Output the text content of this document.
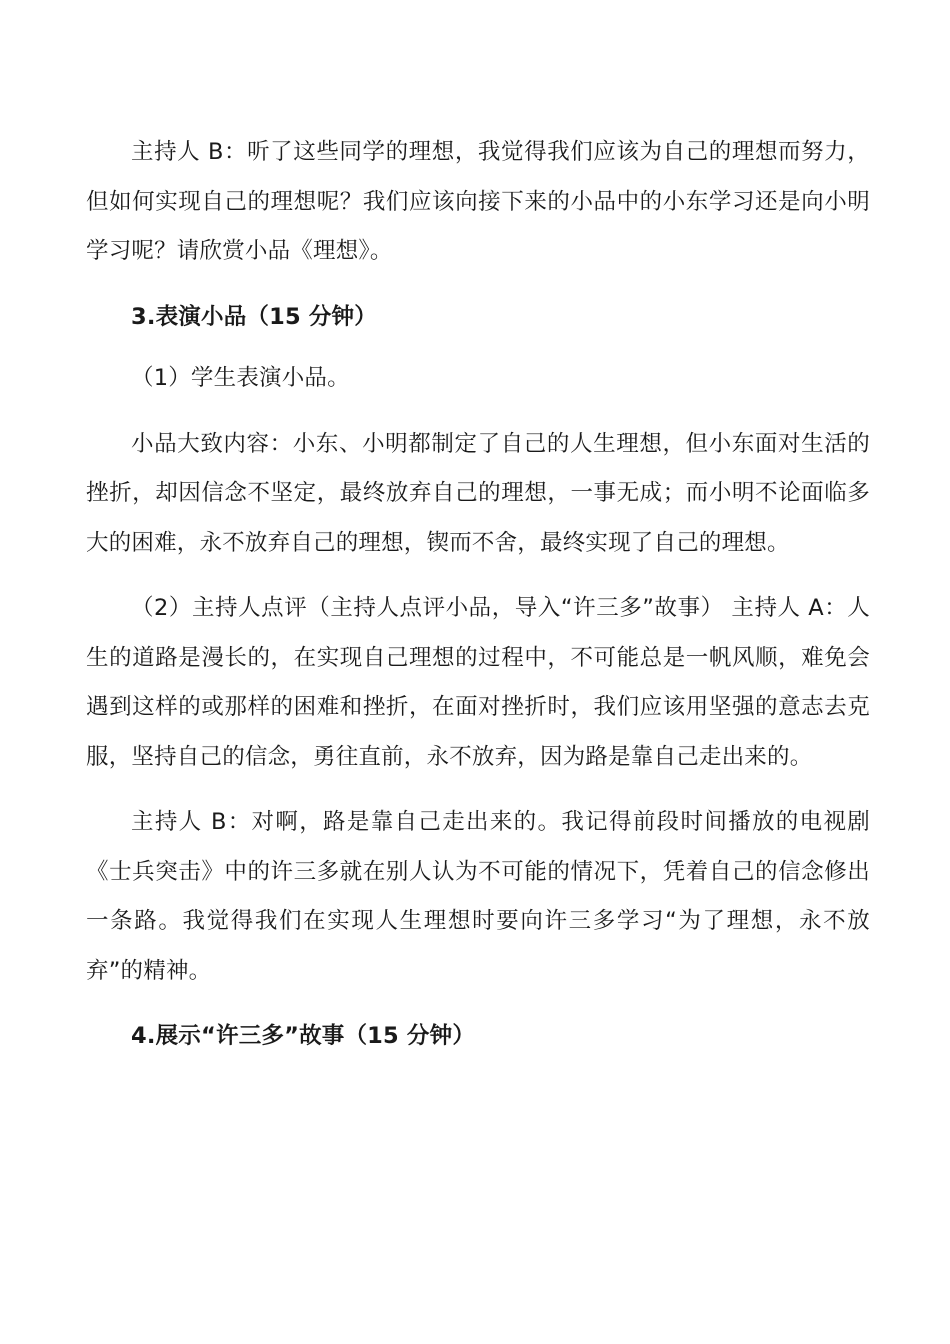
主持人 B：听了这些同学的理想，我觉得我们应该为自己的理想而努力，但如何实现自己的理想呢？我们应该向接下来的小品中的小东学习还是向小明学习呢？请欣赏小品《理想》。

3.表演小品（15 分钟）

（1）学生表演小品。

小品大致内容：小东、小明都制定了自己的人生理想，但小东面对生活的挫折，却因信念不坚定，最终放弃自己的理想，一事无成；而小明不论面临多大的困难，永不放弃自己的理想，锲而不舍，最终实现了自己的理想。

（2）主持人点评（主持人点评小品，导入“许三多”故事） 主持人 A：人生的道路是漫长的，在实现自己理想的过程中，不可能总是一帆风顺，难免会遇到这样的或那样的困难和挫折，在面对挫折时，我们应该用坚强的意志去克服，坚持自己的信念，勇往直前，永不放弃，因为路是靠自己走出来的。

主持人 B：对啊，路是靠自己走出来的。我记得前段时间播放的电视剧《士兵突击》中的许三多就在别人认为不可能的情况下，凭着自己的信念修出一条路。我觉得我们在实现人生理想时要向许三多学习“为了理想，永不放弃”的精神。

4.展示“许三多”故事（15 分钟）
